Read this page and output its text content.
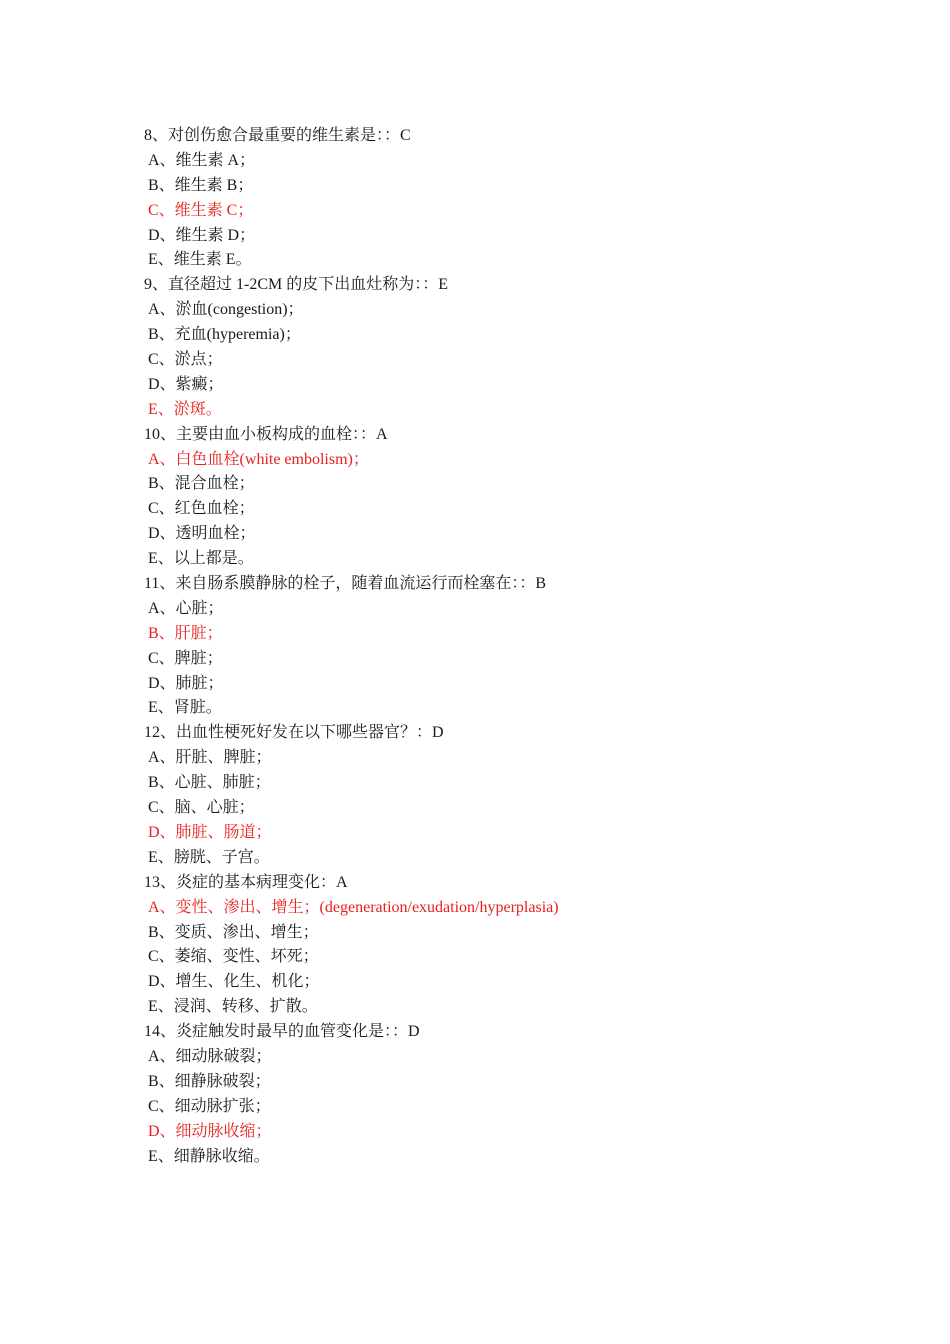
8、对创伤愈合最重要的维生素是：：C
A、维生素 A；
B、维生素 B；
C、维生素 C；
D、维生素 D；
E、维生素 E。
9、直径超过 1-2CM 的皮下出血灶称为：：E
A、淤血(congestion)；
B、充血(hyperemia)；
C、淤点；
D、紫癜；
E、淤斑。
10、主要由血小板构成的血栓：：A
A、白色血栓(white embolism)；
B、混合血栓；
C、红色血栓；
D、透明血栓；
E、以上都是。
11、来自肠系膜静脉的栓子，随着血流运行而栓塞在：：B
A、心脏；
B、肝脏；
C、脾脏；
D、肺脏；
E、肾脏。
12、出血性梗死好发在以下哪些器官？：D
A、肝脏、脾脏；
B、心脏、肺脏；
C、脑、心脏；
D、肺脏、肠道；
E、膀胱、子宫。
13、炎症的基本病理变化：A
A、变性、渗出、增生；(degeneration/exudation/hyperplasia)
B、变质、渗出、增生；
C、萎缩、变性、坏死；
D、增生、化生、机化；
E、浸润、转移、扩散。
14、炎症触发时最早的血管变化是：：D
A、细动脉破裂；
B、细静脉破裂；
C、细动脉扩张；
D、细动脉收缩；
E、细静脉收缩。
